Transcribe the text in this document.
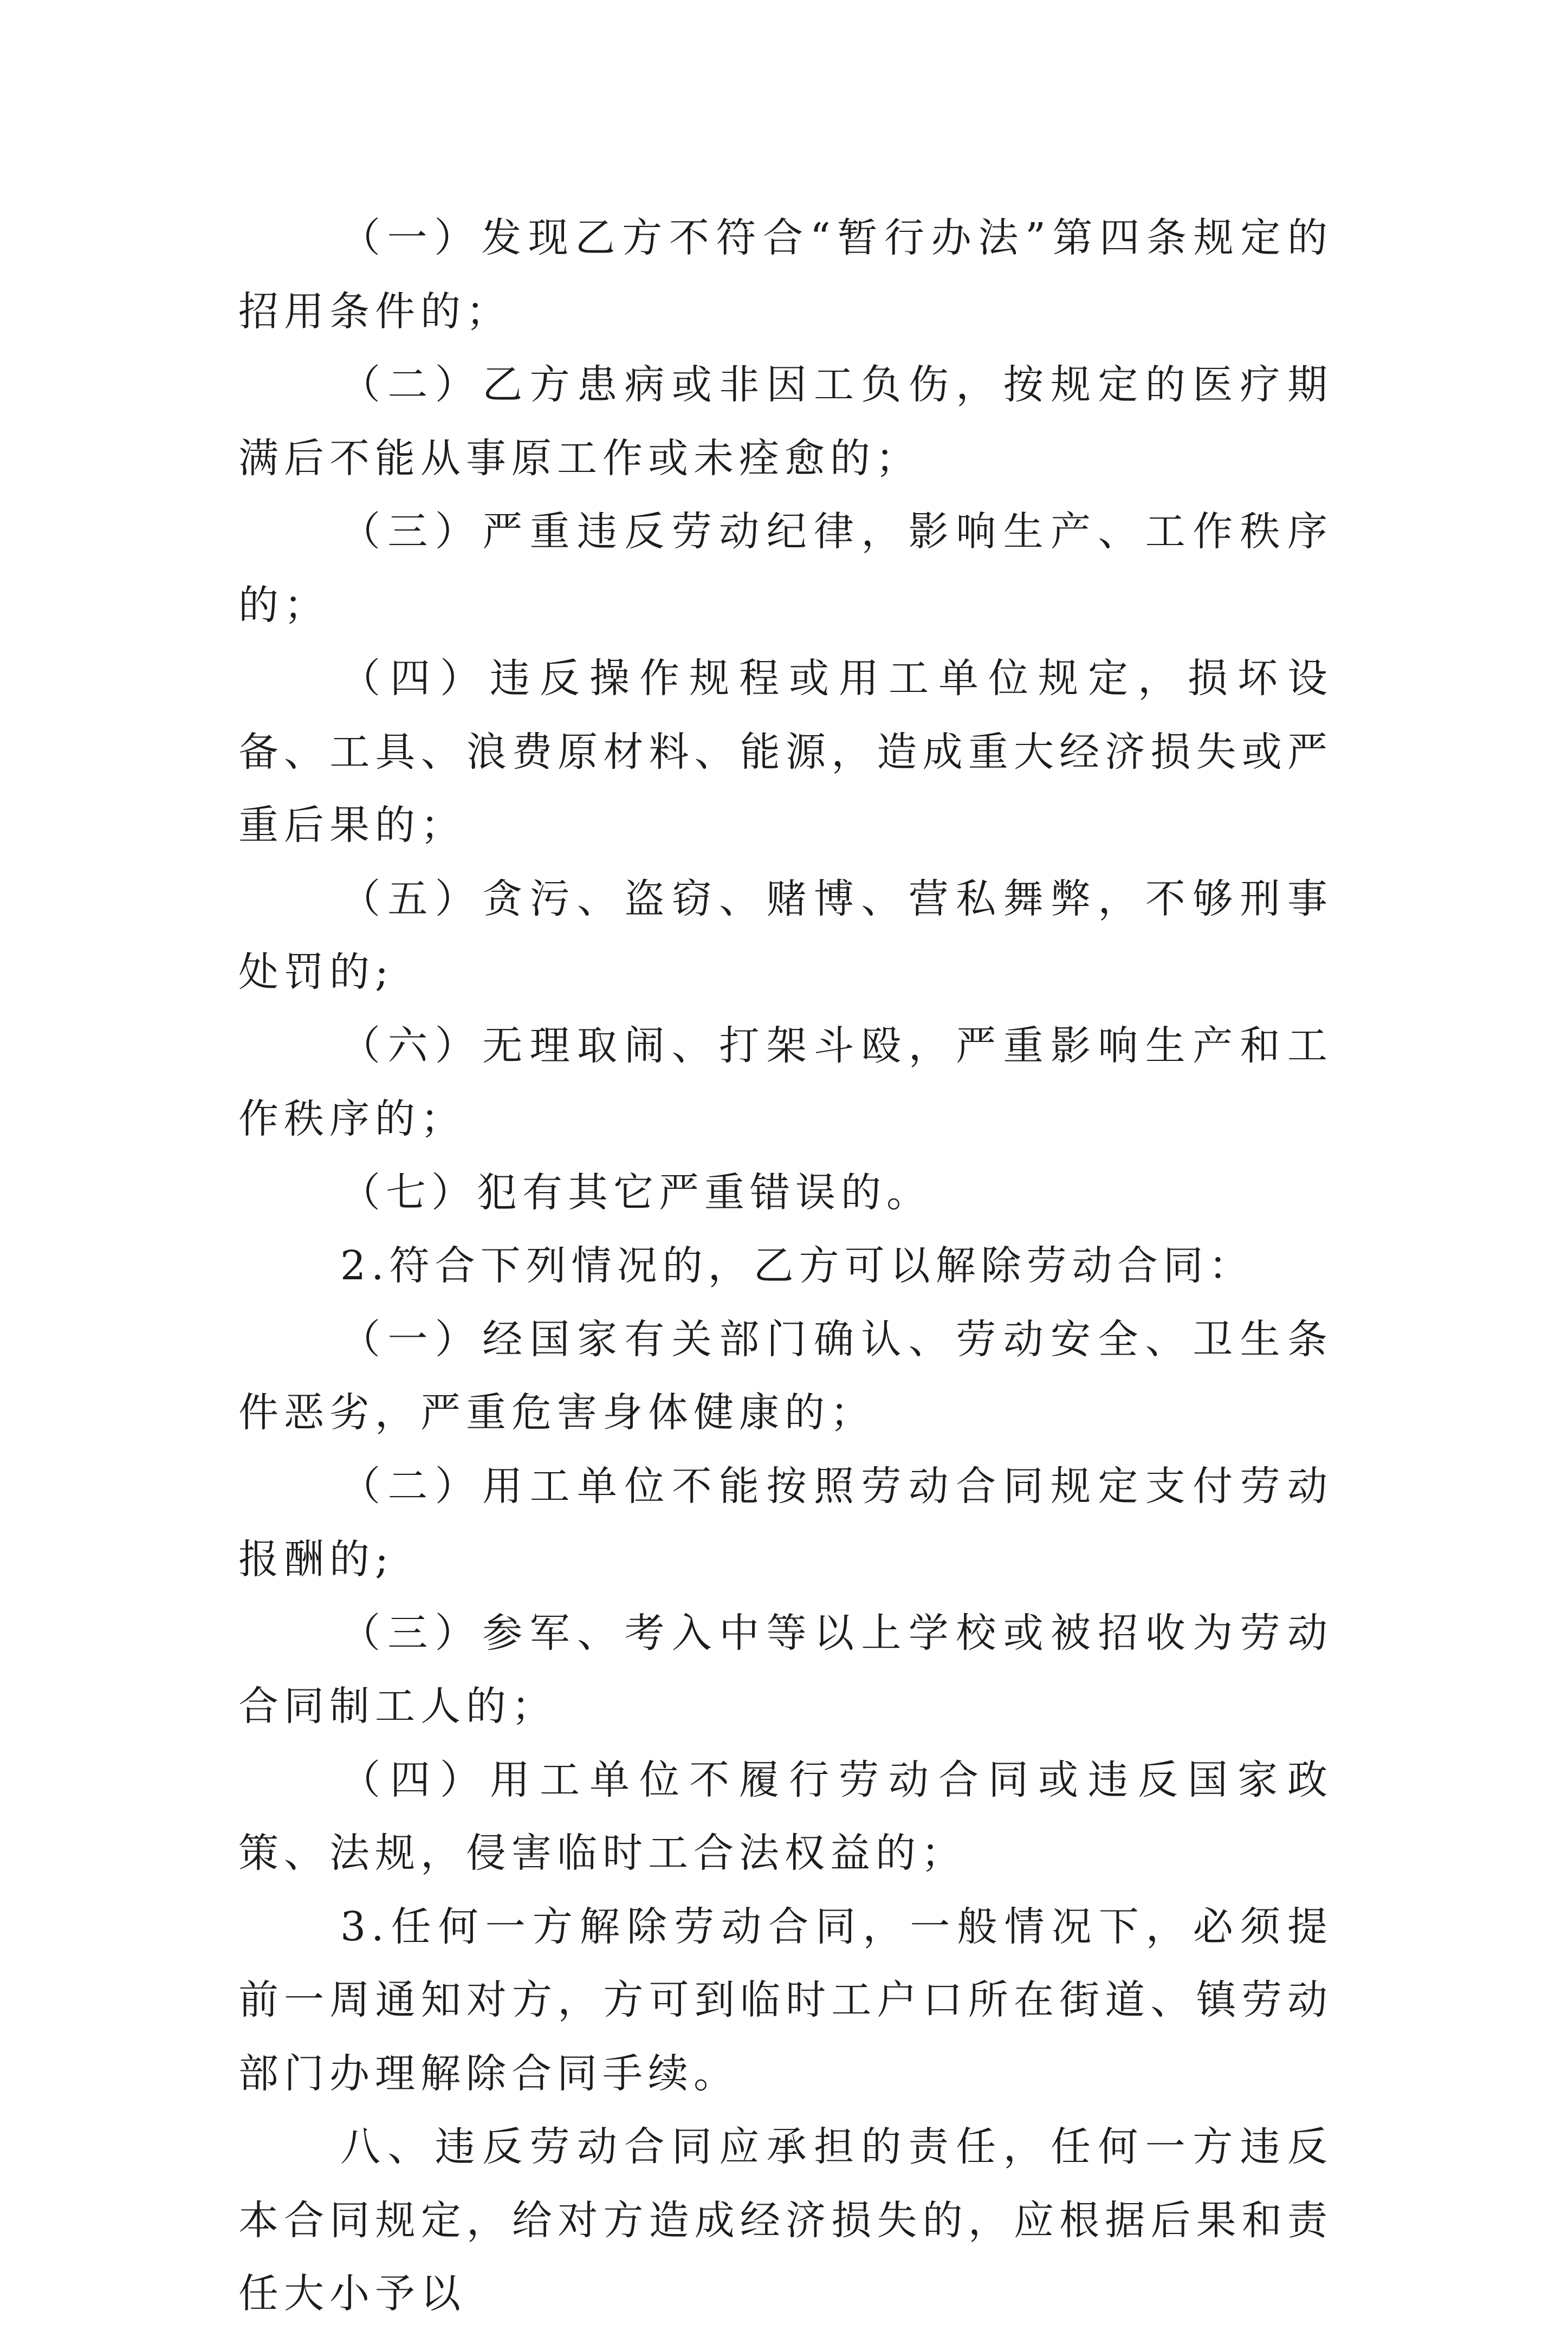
（一）发现乙方不符合“暂行办法”第四条规定的招用条件的；

（二）乙方患病或非因工负伤，按规定的医疗期满后不能从事原工作或未痊愈的；

（三）严重违反劳动纪律，影响生产、工作秩序的；

（四）违反操作规程或用工单位规定，损坏设备、工具、浪费原材料、能源，造成重大经济损失或严重后果的；

（五）贪污、盗窃、赌博、营私舞弊，不够刑事处罚的;

（六）无理取闹、打架斗殴，严重影响生产和工作秩序的；

（七）犯有其它严重错误的。

2.符合下列情况的，乙方可以解除劳动合同：

（一）经国家有关部门确认、劳动安全、卫生条件恶劣，严重危害身体健康的；

（二）用工单位不能按照劳动合同规定支付劳动报酬的;

（三）参军、考入中等以上学校或被招收为劳动合同制工人的；

（四）用工单位不履行劳动合同或违反国家政策、法规，侵害临时工合法权益的；

3.任何一方解除劳动合同，一般情况下，必须提前一周通知对方，方可到临时工户口所在街道、镇劳动部门办理解除合同手续。

八、违反劳动合同应承担的责任，任何一方违反本合同规定，给对方造成经济损失的，应根据后果和责任大小予以
